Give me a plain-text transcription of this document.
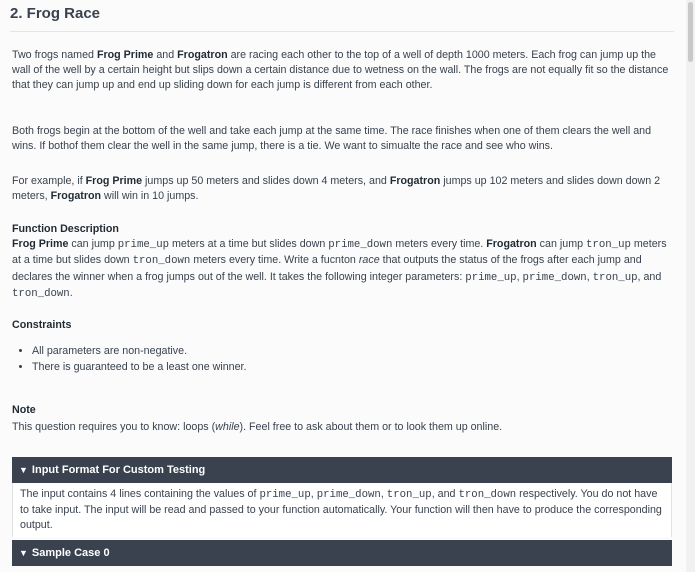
2. Frog Race

Two frogs named Frog Prime and Frogatron are racing each other to the top of a well of depth 1000 meters. Each frog can jump up the wall of the well by a certain height but slips down a certain distance due to wetness on the wall. The frogs are not equally fit so the distance that they can jump up and end up sliding down for each jump is different from each other.

Both frogs begin at the bottom of the well and take each jump at the same time. The race finishes when one of them clears the well and wins. If bothof them clear the well in the same jump, there is a tie. We want to simualte the race and see who wins.

For example, if Frog Prime jumps up 50 meters and slides down 4 meters, and Frogatron jumps up 102 meters and slides down down 2 meters, Frogatron will win in 10 jumps.

Function Description
Frog Prime can jump prime_up meters at a time but slides down prime_down meters every time. Frogatron can jump tron_up meters at a time but slides down tron_down meters every time. Write a fucnton race that outputs the status of the frogs after each jump and declares the winner when a frog jumps out of the well. It takes the following integer parameters: prime_up, prime_down, tron_up, and tron_down.

Constraints
• All parameters are non-negative.
• There is guaranteed to be a least one winner.
Note

This question requires you to know: loops (while). Feel free to ask about them or to look them up online.

▼ Input Format For Custom Testing

The input contains 4 lines containing the values of prime_up, prime_down, tron_up, and tron_down respectively. You do not have to take input. The input will be read and passed to your function automatically. Your function will then have to produce the corresponding output.

▼ Sample Case 0
